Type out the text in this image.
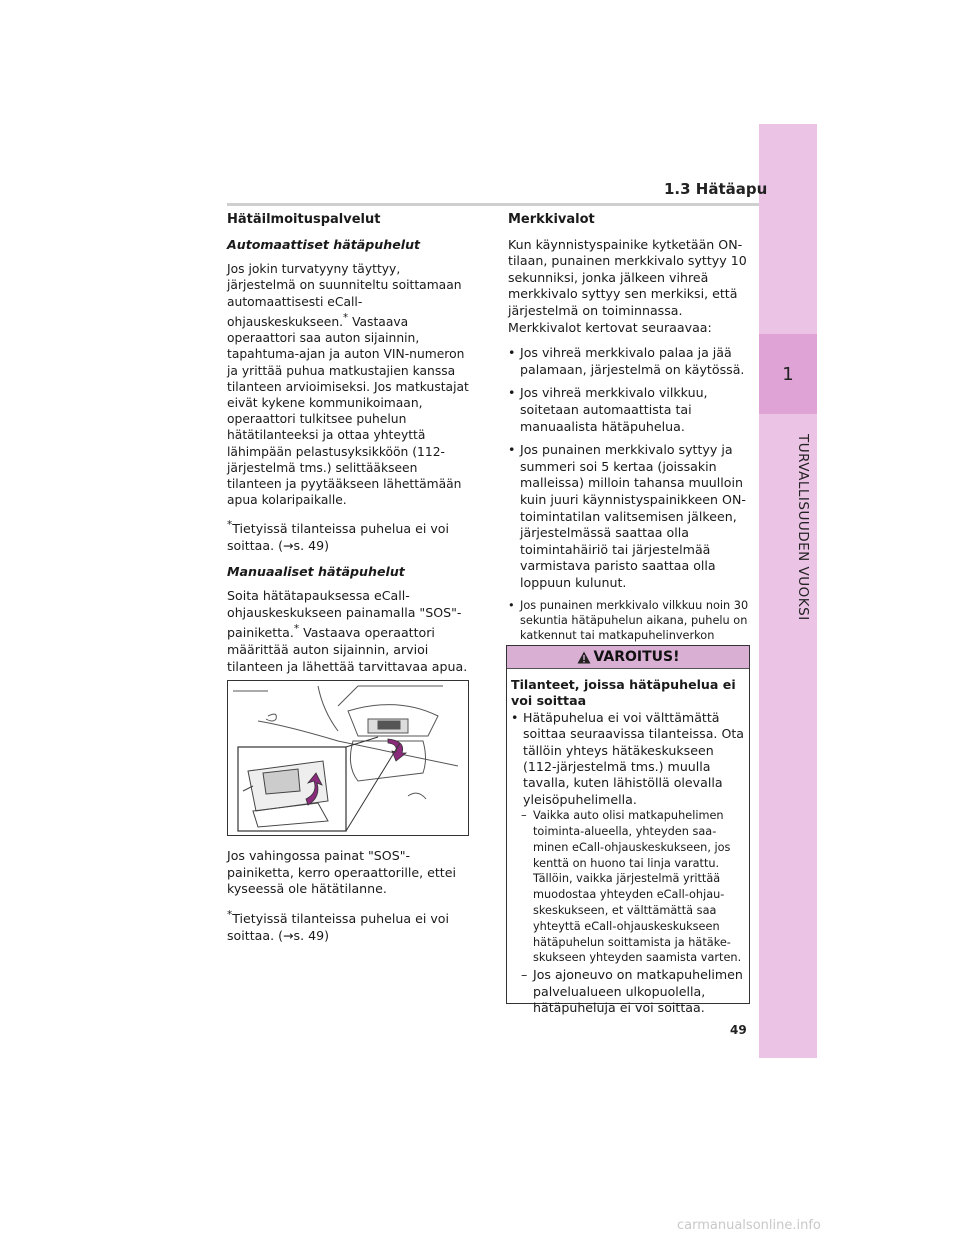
1
TURVALLISUUDEN VUOKSI
1.3 Hätäapu

Hätäilmoituspalvelut

Automaattiset hätäpuhelut

Jos jokin turvatyyny täyttyy, järjestelmä on suunniteltu soittamaan automaattisesti eCall-ohjauskeskukseen.* Vastaava operaattori saa auton sijainnin, tapahtuma-ajan ja auton VIN-numeron ja yrittää puhua matkustajien kanssa tilanteen arvioimiseksi. Jos matkustajat eivät kykene kommunikoimaan, operaattori tulkitsee puhelun hätätilanteeksi ja ottaa yhteyttä lähimpään pelastusyksikköön (112-järjestelmä tms.) selittääkseen tilanteen ja pyytääkseen lähettämään apua kolaripaikalle.

*Tietyissä tilanteissa puhelua ei voi soittaa. (→s. 49)

Manuaaliset hätäpuhelut

Soita hätätapauksessa eCall-ohjauskeskukseen painamalla "SOS"-painiketta.* Vastaava operaattori määrittää auton sijainnin, arvioi tilanteen ja lähettää tarvittavaa apua.

Jos vahingossa painat "SOS"-painiketta, kerro operaattorille, ettei kyseessä ole hätätilanne.

*Tietyissä tilanteissa puhelua ei voi soittaa. (→s. 49)

Merkkivalot

Kun käynnistyspainike kytketään ON-tilaan, punainen merkkivalo syttyy 10 sekunniksi, jonka jälkeen vihreä merkkivalo syttyy sen merkiksi, että järjestelmä on toiminnassa. Merkkivalot kertovat seuraavaa:

• Jos vihreä merkkivalo palaa ja jää palamaan, järjestelmä on käytössä.
• Jos vihreä merkkivalo vilkkuu, soitetaan automaattista tai manuaalista hätäpuhelua.
• Jos punainen merkkivalo syttyy ja summeri soi 5 kertaa (joissakin malleissa) milloin tahansa muulloin kuin juuri käynnistyspainikkeen ON-toimintatilan valitsemisen jälkeen, järjestelmässä saattaa olla toimintahäiriö tai järjestelmää varmistava paristo saattaa olla loppuun kulunut.
• Jos punainen merkkivalo vilkkuu noin 30 sekuntia hätäpuhelun aikana, puhelu on katkennut tai matkapuhelinverkon
VAROITUS!

Tilanteet, joissa hätäpuhelua ei voi soittaa

• Hätäpuhelua ei voi välttämättä soittaa seuraavissa tilanteissa. Ota tällöin yhteys hätäkeskukseen (112-järjestelmä tms.) muulla tavalla, kuten lähistöllä olevalla yleisöpuhelimella.
– Vaikka auto olisi matkapuhelimen toiminta-alueella, yhteyden saa-minen eCall-ohjauskeskukseen, jos kenttä on huono tai linja varattu. Tällöin, vaikka järjestelmä yrittää muodostaa yhteyden eCall-ohjau-skeskukseen, et välttämättä saa yhteyttä eCall-ohjauskeskukseen hätäpuhelun soittamista ja hätäke-skukseen yhteyden saamista varten.
– Jos ajoneuvo on matkapuhelimen palvelualueen ulkopuolella, hätäpuheluja ei voi soittaa.
49
carmanualsonline.info
